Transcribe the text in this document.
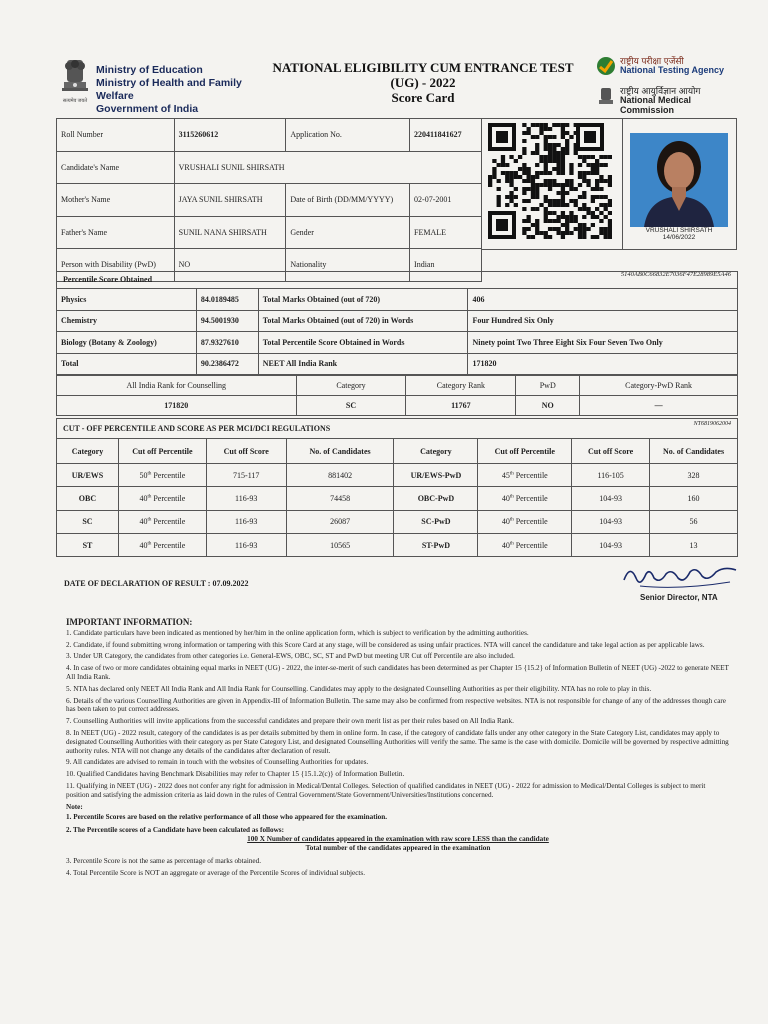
सत्यमेव जयते
Ministry of Education
Ministry of Health and Family Welfare
Government of India
NATIONAL ELIGIBILITY CUM ENTRANCE TEST
(UG) - 2022
Score Card
राष्ट्रीय परीक्षा एजेंसी
National Testing Agency
राष्ट्रीय आयुर्विज्ञान आयोग
National Medical Commission
Roll Number	3115260612	Application No.	220411841627
Candidate's Name	VRUSHALI SUNIL SHIRSATH		
Mother's Name	JAYA SUNIL SHIRSATH	Date of Birth (DD/MM/YYYY)	02-07-2001
Father's Name	SUNIL NANA SHIRSATH	Gender	FEMALE
Person with Disability (PwD)	NO	Nationality	Indian
VRUSHALI SHIRSATH
14/06/2022
Percentile Score Obtained
5140AB0C66832E7036F47E28989E5A46
Physics	84.0189485	Total Marks Obtained (out of 720)	406
Chemistry	94.5001930	Total Marks Obtained (out of 720) in Words	Four Hundred Six Only
Biology (Botany & Zoology)	87.9327610	Total Percentile Score Obtained in Words	Ninety point Two Three Eight Six Four Seven Two Only
Total	90.2386472	NEET All India Rank	171820
All India Rank for Counselling	Category	Category Rank	PwD	Category-PwD Rank
171820	SC	11767	NO	—
CUT - OFF PERCENTILE AND SCORE AS PER MCI/DCI REGULATIONS	NT6819062004
Category	Cut off Percentile	Cut off Score	No. of Candidates	Category	Cut off Percentile	Cut off Score	No. of Candidates
UR/EWS	50th Percentile	715-117	881402	UR/EWS-PwD	45th Percentile	116-105	328
OBC	40th Percentile	116-93	74458	OBC-PwD	40th Percentile	104-93	160
SC	40th Percentile	116-93	26087	SC-PwD	40th Percentile	104-93	56
ST	40th Percentile	116-93	10565	ST-PwD	40th Percentile	104-93	13
DATE OF DECLARATION OF RESULT : 07.09.2022
Senior Director, NTA
IMPORTANT INFORMATION:

1. Candidate particulars have been indicated as mentioned by her/him in the online application form, which is subject to verification by the admitting authorities.

2. Candidate, if found submitting wrong information or tampering with this Score Card at any stage, will be considered as using unfair practices. NTA will cancel the candidature and take legal action as per applicable laws.

3. Under UR Category, the candidates from other categories i.e. General-EWS, OBC, SC, ST and PwD but meeting UR Cut off Percentile are also included.

4. In case of two or more candidates obtaining equal marks in NEET (UG) - 2022, the inter-se-merit of such candidates has been determined as per Chapter 15 {15.2} of Information Bulletin of NEET (UG) -2022 to generate NEET All India Rank.

5. NTA has declared only NEET All India Rank and All India Rank for Counselling. Candidates may apply to the designated Counselling Authorities as per their eligibility. NTA has no role to play in this.

6. Details of the various Counselling Authorities are given in Appendix-III of Information Bulletin. The same may also be confirmed from respective websites. NTA is not responsible for change of any of the addresses though care has been taken to put correct addresses.

7. Counselling Authorities will invite applications from the successful candidates and prepare their own merit list as per their rules based on All India Rank.

8. In NEET (UG) - 2022 result, category of the candidates is as per details submitted by them in online form. In case, if the category of candidate falls under any other category in the State Category List, candidates may apply to designated Counselling Authorities with their category as per State Category List, and designated Counselling Authorities will verify the same. The same is the case with domicile. Domicile will be governed by respective admitting authority rules. NTA will not change any details of the candidates after declaration of result.

9. All candidates are advised to remain in touch with the websites of Counselling Authorities for updates.

10. Qualified Candidates having Benchmark Disabilities may refer to Chapter 15 {15.1.2(c)} of Information Bulletin.

11. Qualifying in NEET (UG) - 2022 does not confer any right for admission in Medical/Dental Colleges. Selection of qualified candidates in NEET (UG) - 2022 for admission to Medical/Dental Colleges is subject to merit position and satisfying the admission criteria as laid down in the rules of Central Government/State Government/Universities/Institutions concerned.

Note:

1. Percentile Scores are based on the relative performance of all those who appeared for the examination.

2. The Percentile scores of a Candidate have been calculated as follows:

100 X Number of candidates appeared in the examination with raw score LESS than the candidate
Total number of the candidates appeared in the examination

3. Percentile Score is not the same as percentage of marks obtained.

4. Total Percentile Score is NOT an aggregate or average of the Percentile Scores of individual subjects.
